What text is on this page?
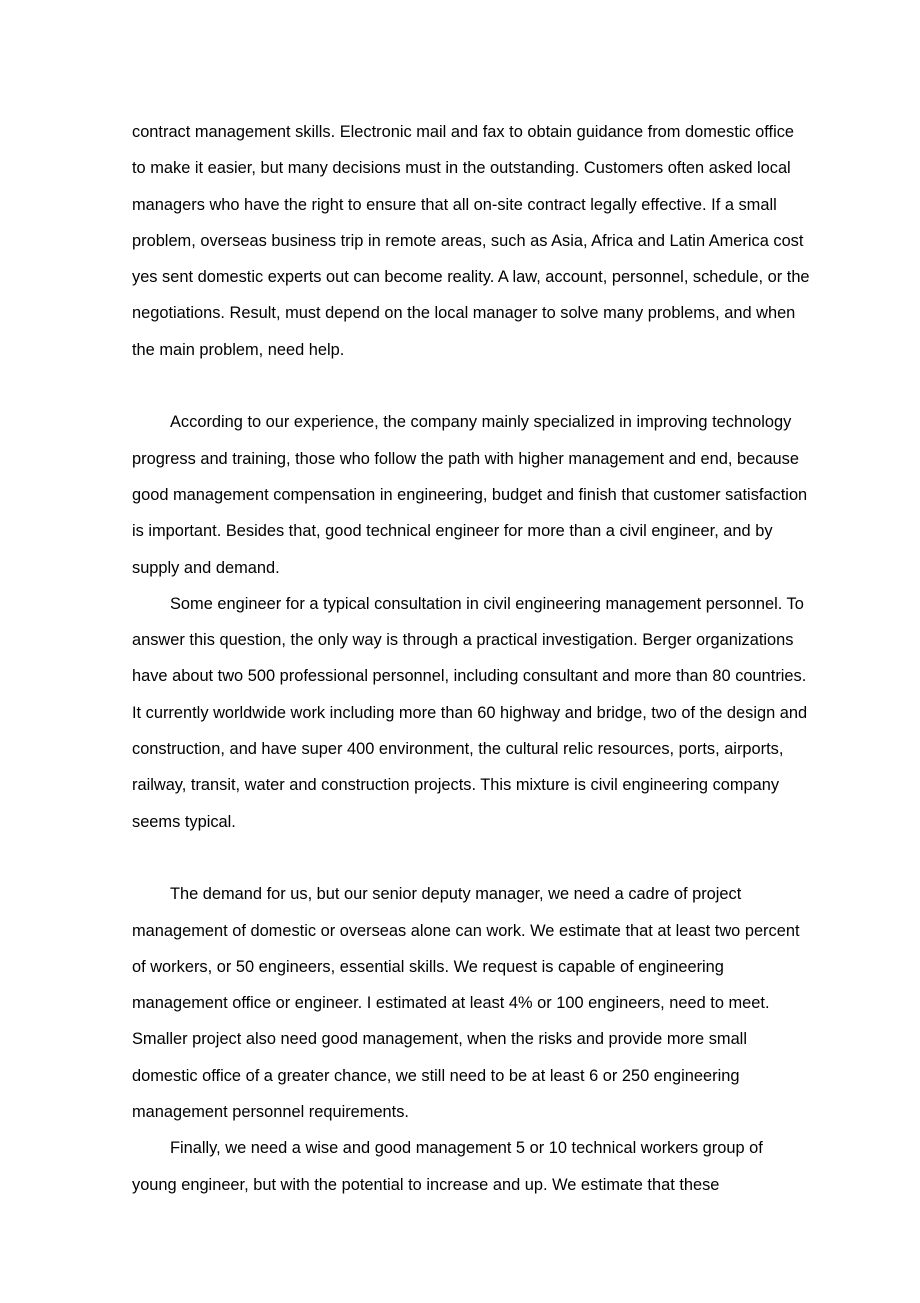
contract management skills. Electronic mail and fax to obtain guidance from domestic office to make it easier, but many decisions must in the outstanding. Customers often asked local managers who have the right to ensure that all on-site contract legally effective. If a small problem, overseas business trip in remote areas, such as Asia, Africa and Latin America cost yes sent domestic experts out can become reality. A law, account, personnel, schedule, or the negotiations. Result, must depend on the local manager to solve many problems, and when the main problem, need help.

According to our experience, the company mainly specialized in improving technology progress and training, those who follow the path with higher management and end, because good management compensation in engineering, budget and finish that customer satisfaction is important. Besides that, good technical engineer for more than a civil engineer, and by supply and demand.

Some engineer for a typical consultation in civil engineering management personnel. To answer this question, the only way is through a practical investigation. Berger organizations have about two 500 professional personnel, including consultant and more than 80 countries. It currently worldwide work including more than 60 highway and bridge, two of the design and construction, and have super 400 environment, the cultural relic resources, ports, airports, railway, transit, water and construction projects. This mixture is civil engineering company seems typical.

The demand for us, but our senior deputy manager, we need a cadre of project management of domestic or overseas alone can work. We estimate that at least two percent of workers, or 50 engineers, essential skills. We request is capable of engineering management office or engineer. I estimated at least 4% or 100 engineers, need to meet. Smaller project also need good management, when the risks and provide more small domestic office of a greater chance, we still need to be at least 6 or 250 engineering management personnel requirements.

Finally, we need a wise and good management 5 or 10 technical workers group of young engineer, but with the potential to increase and up. We estimate that these
